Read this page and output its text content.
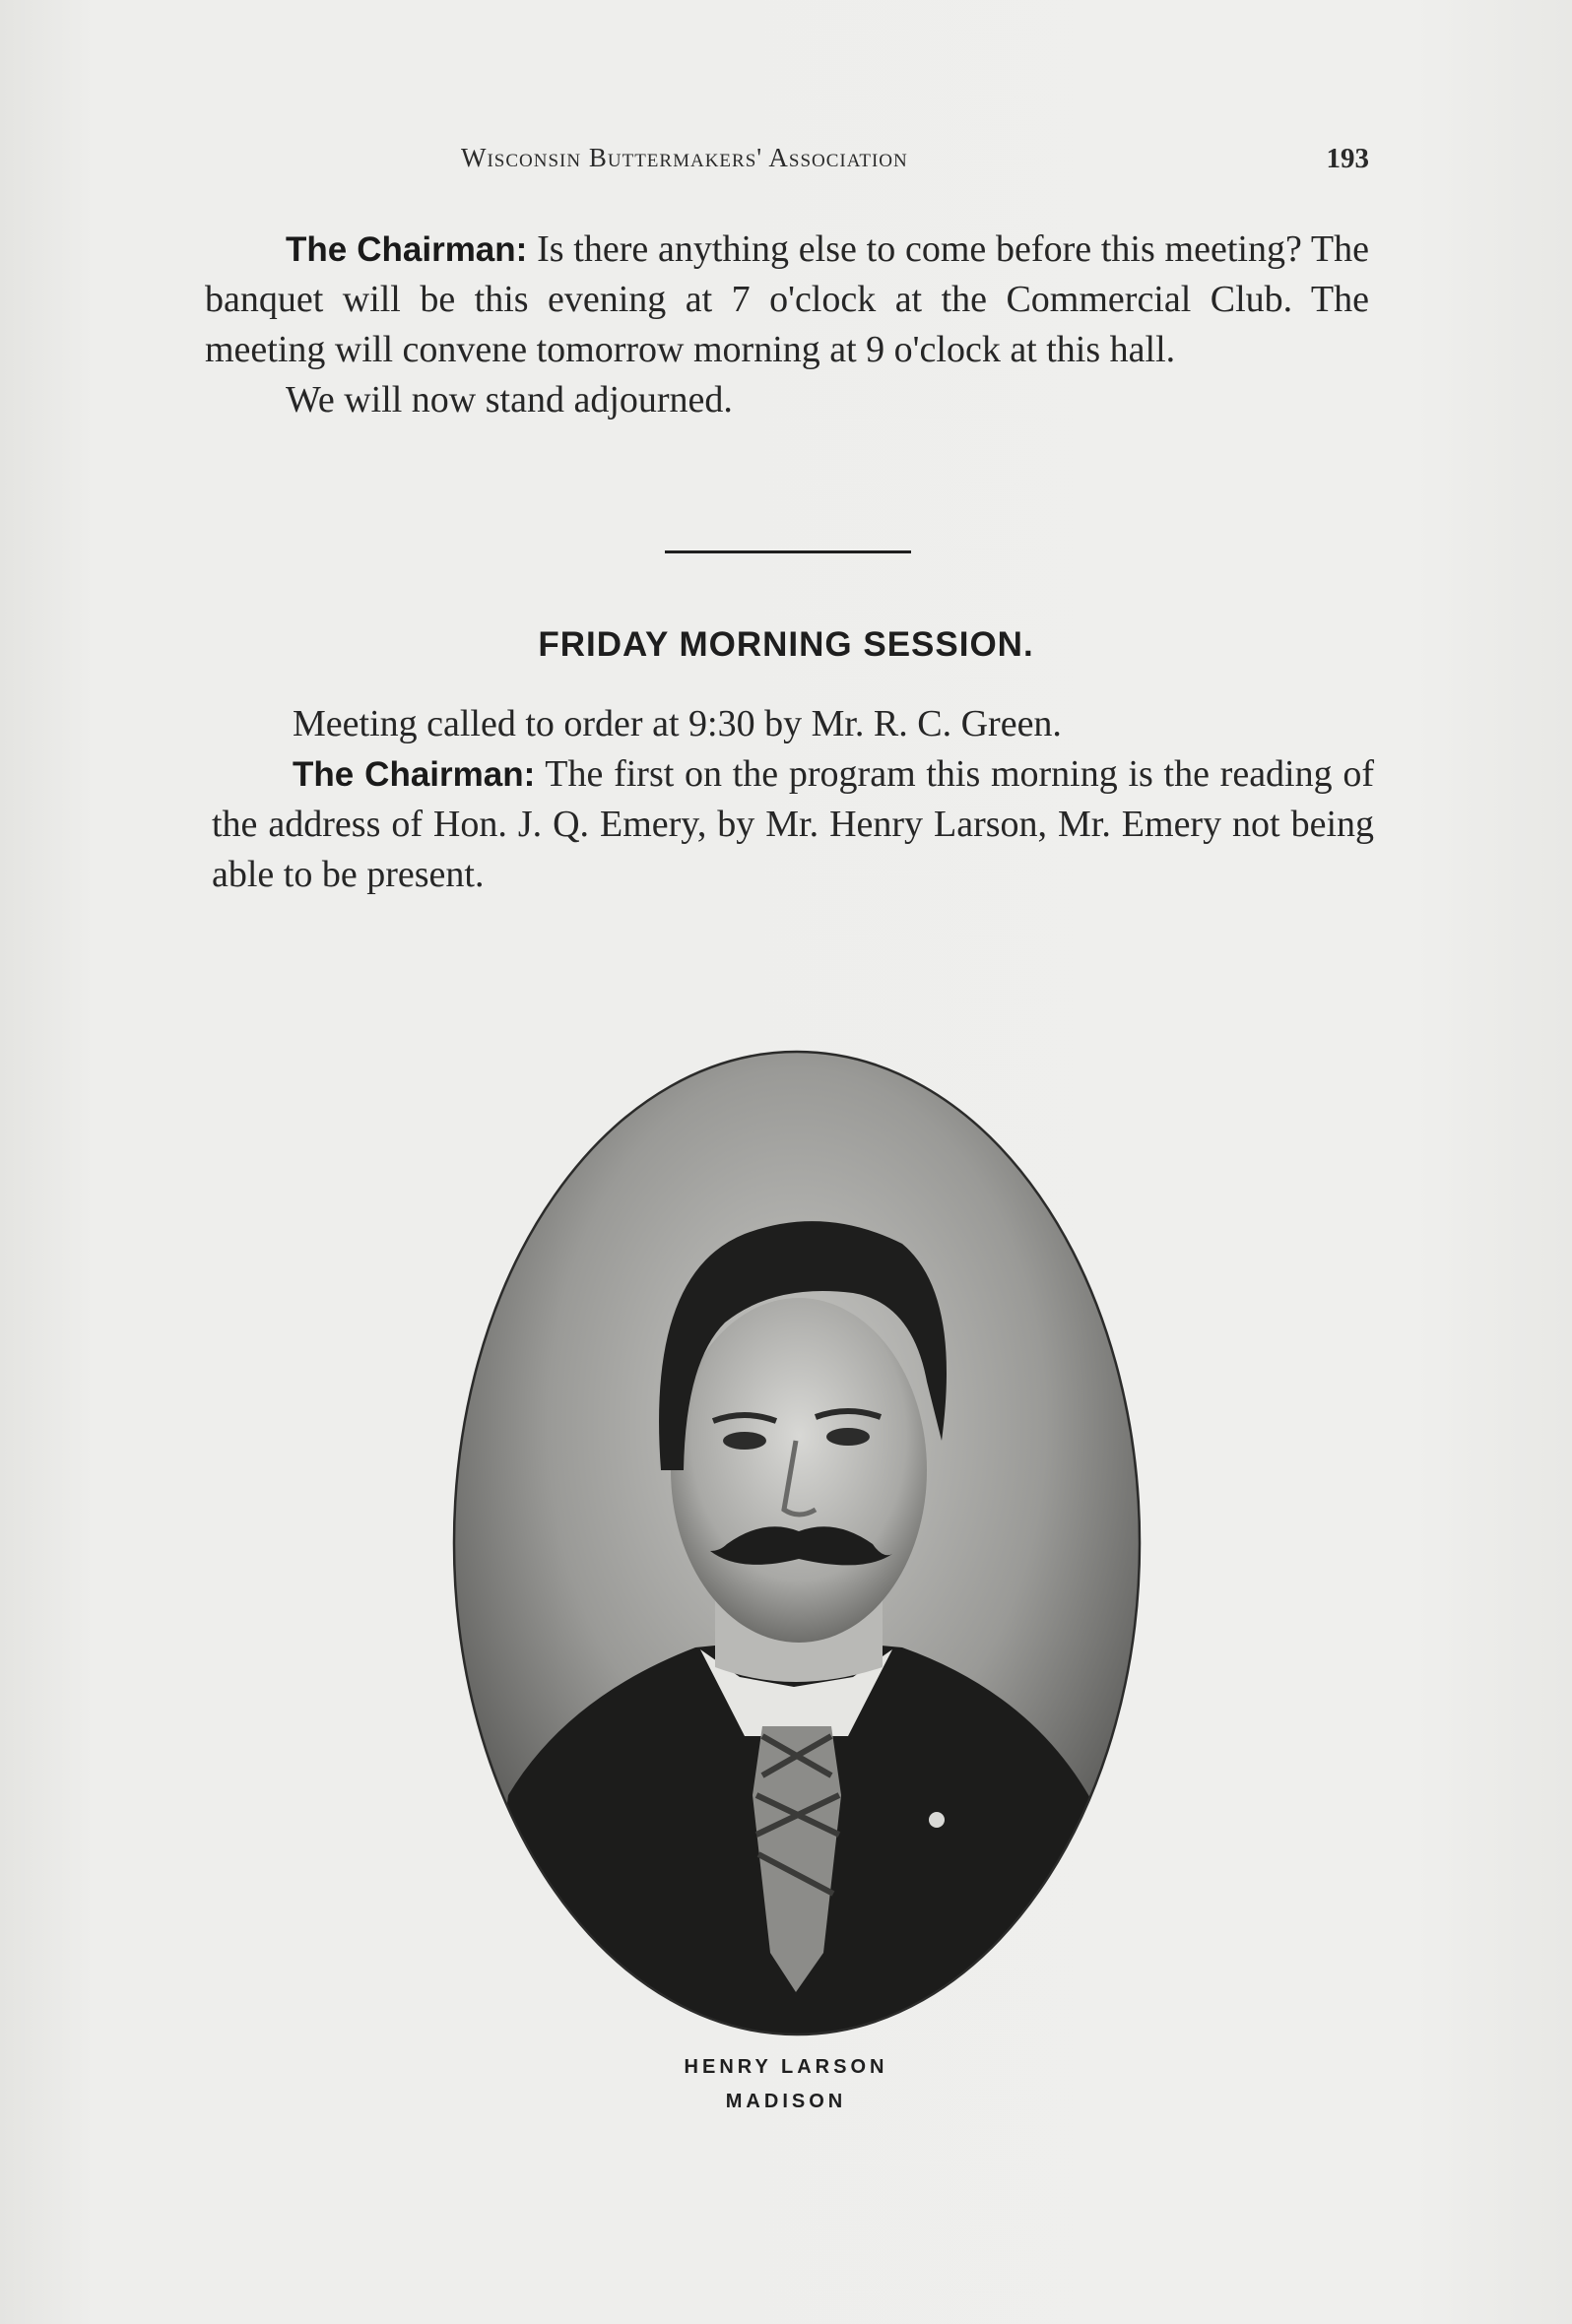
Wisconsin Buttermakers' Association	193

The Chairman: Is there anything else to come before this meeting? The banquet will be this evening at 7 o'clock at the Commercial Club. The meeting will convene tomorrow morning at 9 o'clock at this hall.

We will now stand adjourned.

FRIDAY MORNING SESSION.

Meeting called to order at 9:30 by Mr. R. C. Green.

The Chairman: The first on the program this morning is the reading of the address of Hon. J. Q. Emery, by Mr. Henry Larson, Mr. Emery not being able to be present.

HENRY LARSON
MADISON
